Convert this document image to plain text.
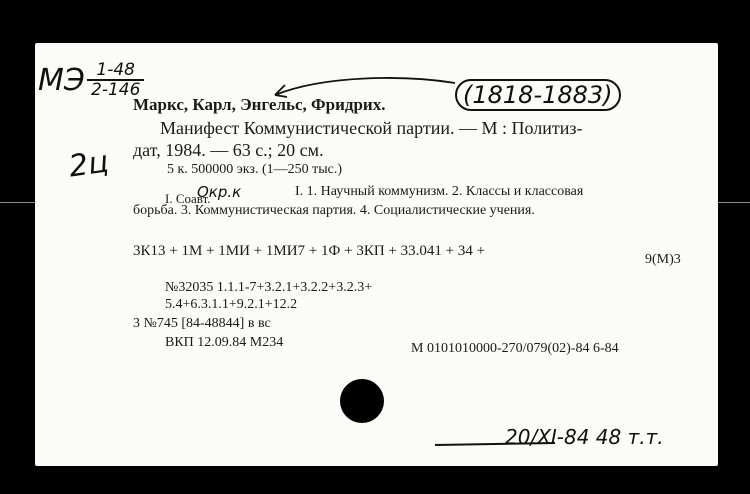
МЭ $\frac{1-48}{2-146}$
2ц
Маркс, Карл, Энгельс, Фридрих.	(1818-1883)
Манифест Коммунистической партии. — М : Политиз-
дат, 1984. — 63 с.; 20 см.
5 к. 500000 экз. (1—250 тыс.)
I. Соавт.
Окр.к	I. 1. Научный коммунизм. 2. Классы и классовая
борьба. 3. Коммунистическая партия. 4. Социалистические учения.
3К13 + 1М + 1МИ + 1МИ7 + 1Ф + 3КП + 33.041 + 34 +
9(М)3
№32035 1.1.1-7+3.2.1+3.2.2+3.2.3+
5.4+6.3.1.1+9.2.1+12.2
3 №745 [84-48844] в вс
ВКП 12.09.84 М234	М 0101010000-270/079(02)-84 6-84
20/XI-84 48 т.т.
